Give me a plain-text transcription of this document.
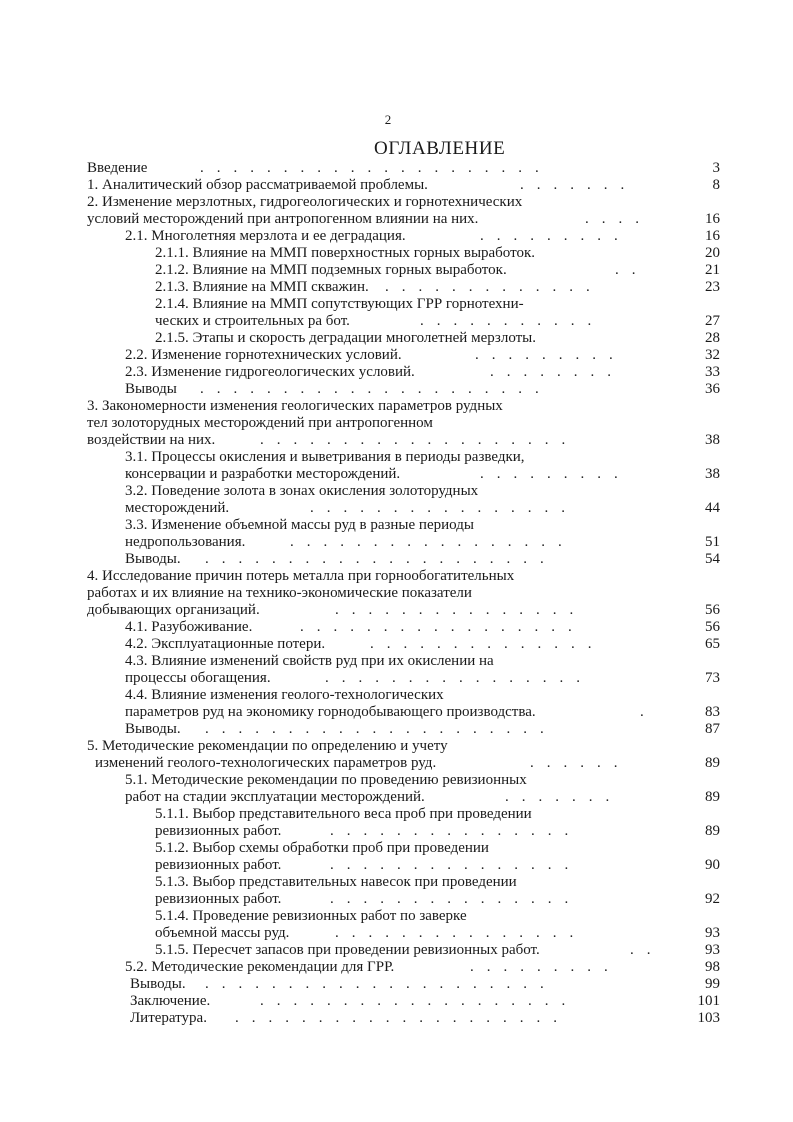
2
ОГЛАВЛЕНИЕ
Введение	.....................	3
1. Аналитический обзор рассматриваемой проблемы.	.......	8
2. Изменение мерзлотных, гидрогеологических и горнотехнических
условий месторождений при антропогенном влиянии на них.	....	16
2.1. Многолетняя мерзлота и ее деградация.	.........	16
2.1.1. Влияние на ММП поверхностных горных выработок.	20
2.1.2. Влияние на ММП подземных горных выработок.	..	21
2.1.3. Влияние на ММП скважин. .............	23
2.1.4. Влияние на ММП сопутствующих ГРР горнотехни-
ческих и строительных ра бот.	...........	27
2.1.5. Этапы и скорость деградации многолетней мерзлоты.	28
2.2. Изменение горнотехнических условий.	.........	32
2.3. Изменение гидрогеологических условий.	........	33
Выводы .....................	36
3. Закономерности изменения геологических параметров рудных
тел золоторудных месторождений при антропогенном
воздействии на них.	...................	38
3.1. Процессы окисления и выветривания в периоды разведки,
консервации и разработки месторождений.	.........	38
3.2. Поведение золота в зонах окисления золоторудных
месторождений.	................	44
3.3. Изменение объемной массы руд в разные периоды
недропользования.	.................	51
Выводы. .....................	54
4. Исследование причин потерь металла при горнообогатительных
работах и их влияние на технико-экономические показатели
добывающих организаций.	...............	56
4.1. Разубоживание.	.................	56
4.2. Эксплуатационные потери.	..............	65
4.3. Влияние изменений свойств руд при их окислении на
процессы обогащения.	................	73
4.4. Влияние изменения геолого-технологических
параметров руд на экономику горнодобывающего производства.	.	83
Выводы. .....................	87
5. Методические рекомендации по определению и учету
изменений геолого-технологических параметров руд.	......	89
5.1. Методические рекомендации по проведению ревизионных
работ на стадии эксплуатации месторождений.	.......	89
5.1.1. Выбор представительного веса проб при проведении
ревизионных работ.	...............	89
5.1.2. Выбор схемы обработки проб при проведении
ревизионных работ.	...............	90
5.1.3. Выбор представительных навесок при проведении
ревизионных работ.	...............	92
5.1.4. Проведение ревизионных работ по заверке
объемной массы руд.	...............	93
5.1.5. Пересчет запасов при проведении ревизионных работ.	..	93
5.2. Методические рекомендации для ГРР.	.........	98
Выводы. .....................	99
Заключение.	...................	101
Литература. ....................	103
